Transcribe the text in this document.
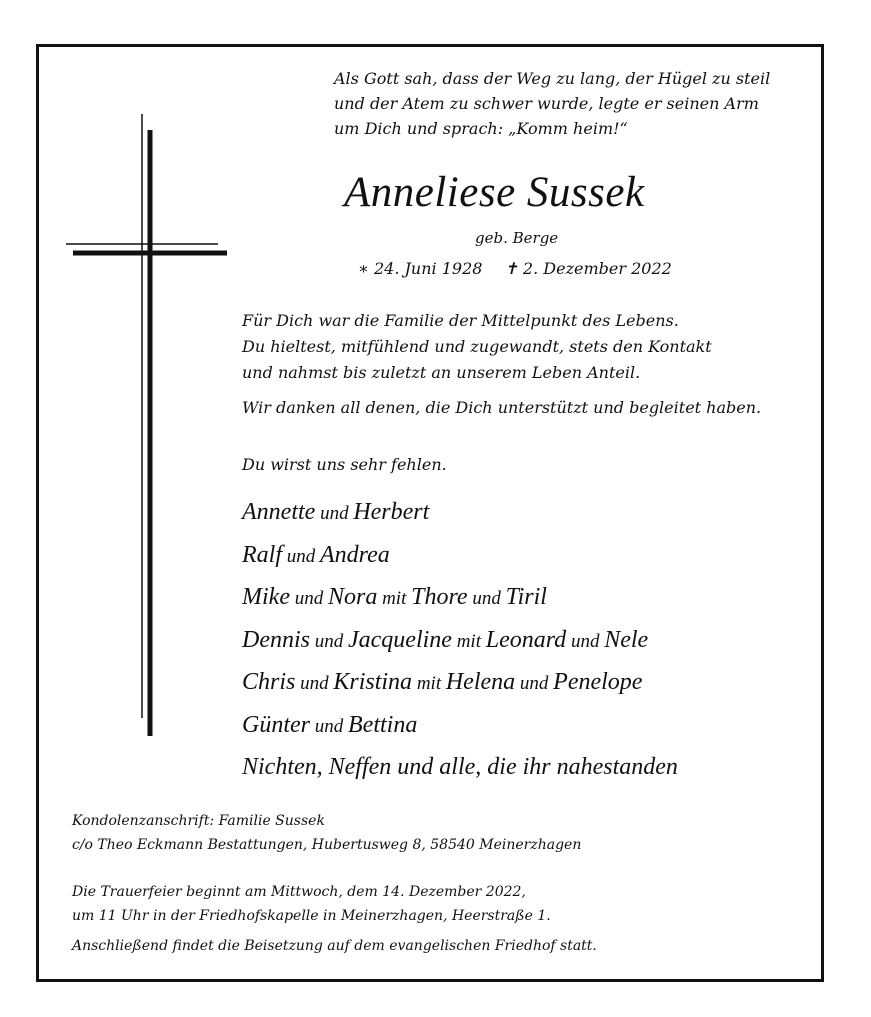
Als Gott sah, dass der Weg zu lang, der Hügel zu steil
und der Atem zu schwer wurde, legte er seinen Arm
um Dich und sprach: „Komm heim!“
Anneliese Sussek
geb. Berge
∗ 24. Juni 1928 ✝ 2. Dezember 2022
Für Dich war die Familie der Mittelpunkt des Lebens.
Du hieltest, mitfühlend und zugewandt, stets den Kontakt
und nahmst bis zuletzt an unserem Leben Anteil.
Wir danken all denen, die Dich unterstützt und begleitet haben.
Du wirst uns sehr fehlen.
Annette und Herbert
Ralf und Andrea
Mike und Nora mit Thore und Tiril
Dennis und Jacqueline mit Leonard und Nele
Chris und Kristina mit Helena und Penelope
Günter und Bettina
Nichten, Neffen und alle, die ihr nahestanden
Kondolenzanschrift: Familie Sussek
c/o Theo Eckmann Bestattungen, Hubertusweg 8, 58540 Meinerzhagen
Die Trauerfeier beginnt am Mittwoch, dem 14. Dezember 2022,
um 11 Uhr in der Friedhofskapelle in Meinerzhagen, Heerstraße 1.
Anschließend findet die Beisetzung auf dem evangelischen Friedhof statt.
